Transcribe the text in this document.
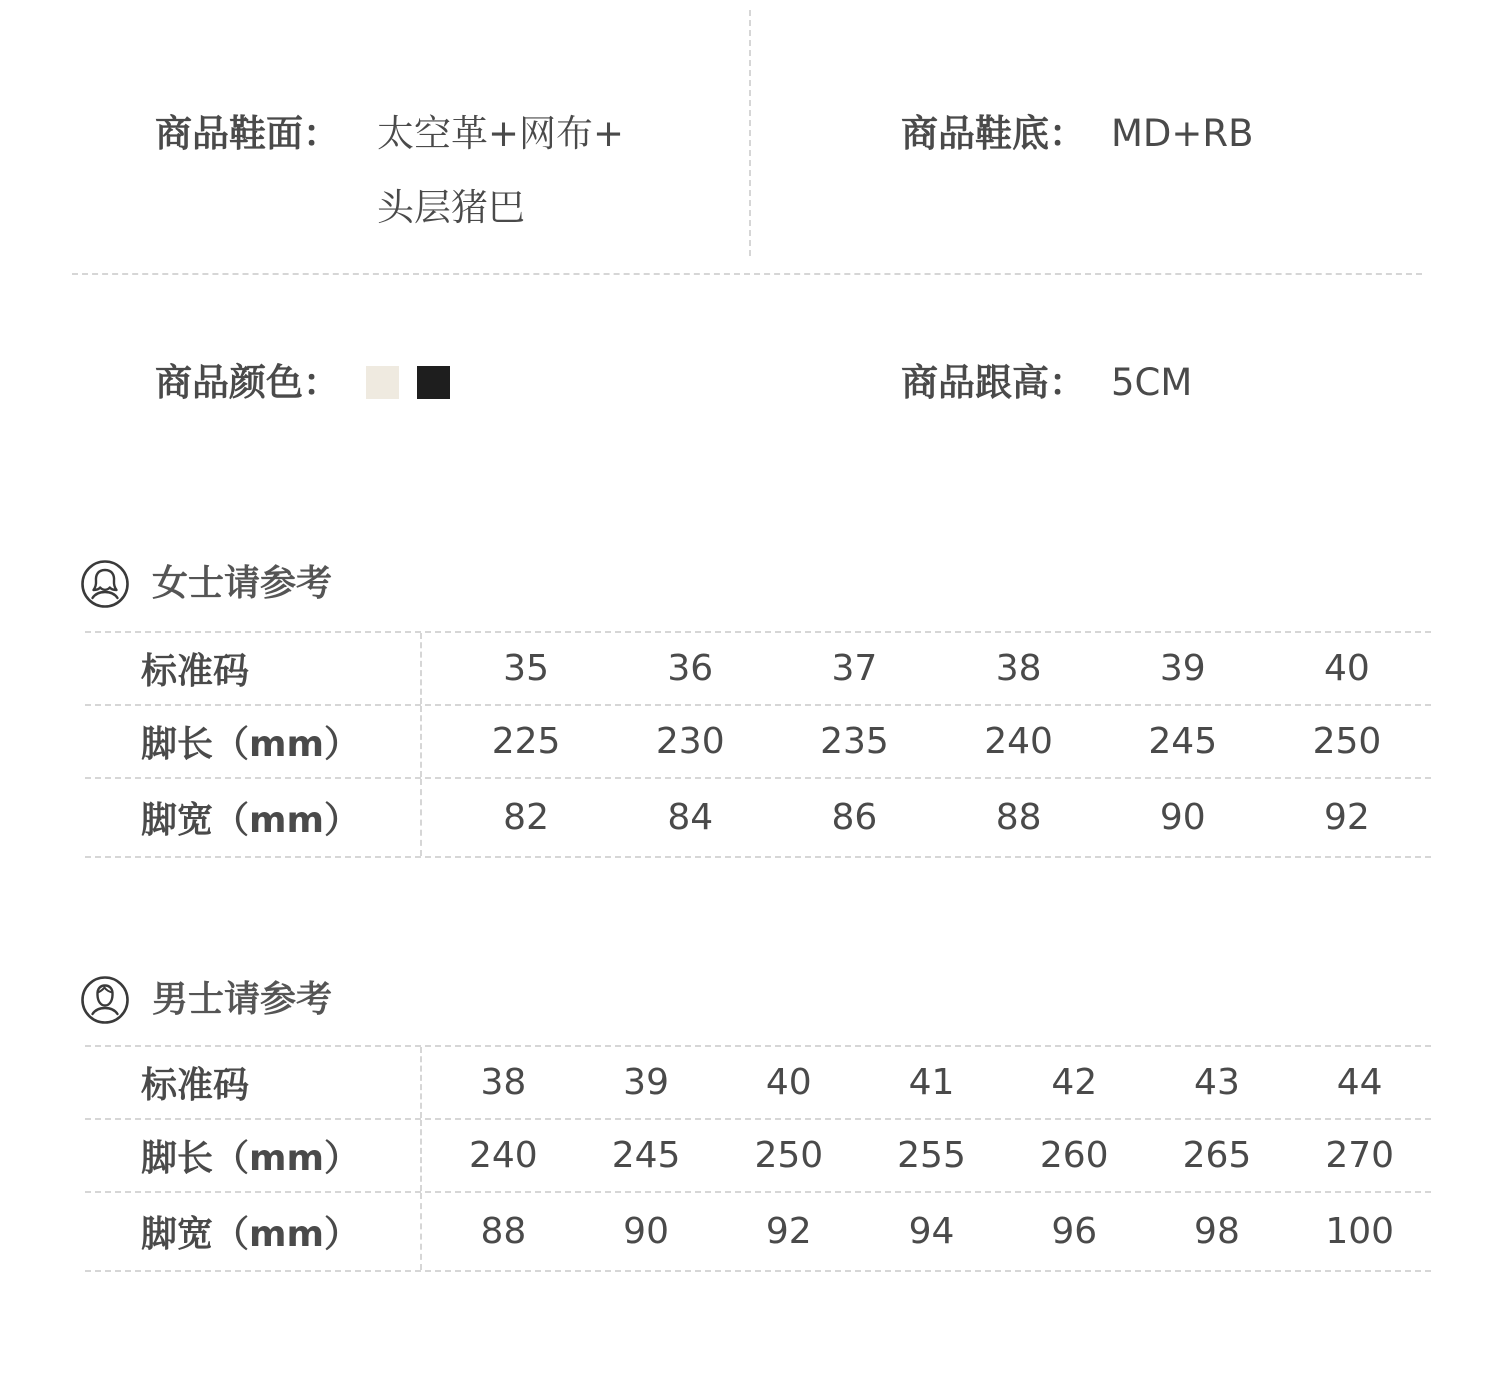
商品鞋面： 太空革+网布+
头层猪巴
商品鞋底： MD+RB
商品颜色：	商品跟高： 5CM
女士请参考
标准码	35	36	37	38	39	40
脚长（mm）	225	230	235	240	245	250
脚宽（mm）	82	84	86	88	90	92
男士请参考
标准码	38	39	40	41	42	43	44
脚长（mm）	240	245	250	255	260	265	270
脚宽（mm）	88	90	92	94	96	98	100
